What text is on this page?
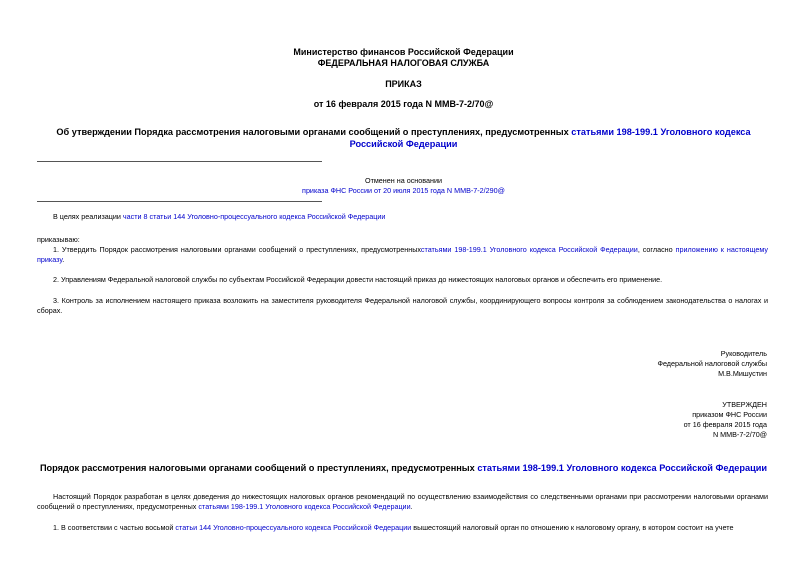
Министерство финансов Российской Федерации
ФЕДЕРАЛЬНАЯ НАЛОГОВАЯ СЛУЖБА
ПРИКАЗ
от 16 февраля 2015 года N ММВ-7-2/70@
Об утверждении Порядка рассмотрения налоговыми органами сообщений о преступлениях, предусмотренных статьями 198-199.1 Уголовного кодекса Российской Федерации
Отменен на основании
приказа ФНС России от 20 июля 2015 года N ММВ-7-2/290@
В целях реализации части 8 статьи 144 Уголовно-процессуального кодекса Российской Федерации
приказываю:
1. Утвердить Порядок рассмотрения налоговыми органами сообщений о преступлениях, предусмотренныхстатьями 198-199.1 Уголовного кодекса Российской Федерации, согласно приложению к настоящему приказу.
2. Управлениям Федеральной налоговой службы по субъектам Российской Федерации довести настоящий приказ до нижестоящих налоговых органов и обеспечить его применение.
3. Контроль за исполнением настоящего приказа возложить на заместителя руководителя Федеральной налоговой службы, координирующего вопросы контроля за соблюдением законодательства о налогах и сборах.
Руководитель
Федеральной налоговой службы
М.В.Мишустин
УТВЕРЖДЕН
приказом ФНС России
от 16 февраля 2015 года
N ММВ-7-2/70@
Порядок рассмотрения налоговыми органами сообщений о преступлениях, предусмотренных статьями 198-199.1 Уголовного кодекса Российской Федерации
Настоящий Порядок разработан в целях доведения до нижестоящих налоговых органов рекомендаций по осуществлению взаимодействия со следственными органами при рассмотрении налоговыми органами сообщений о преступлениях, предусмотренных статьями 198-199.1 Уголовного кодекса Российской Федерации.
1. В соответствии с частью восьмой статьи 144 Уголовно-процессуального кодекса Российской Федерации вышестоящий налоговый орган по отношению к налоговому органу, в котором состоит на учете
